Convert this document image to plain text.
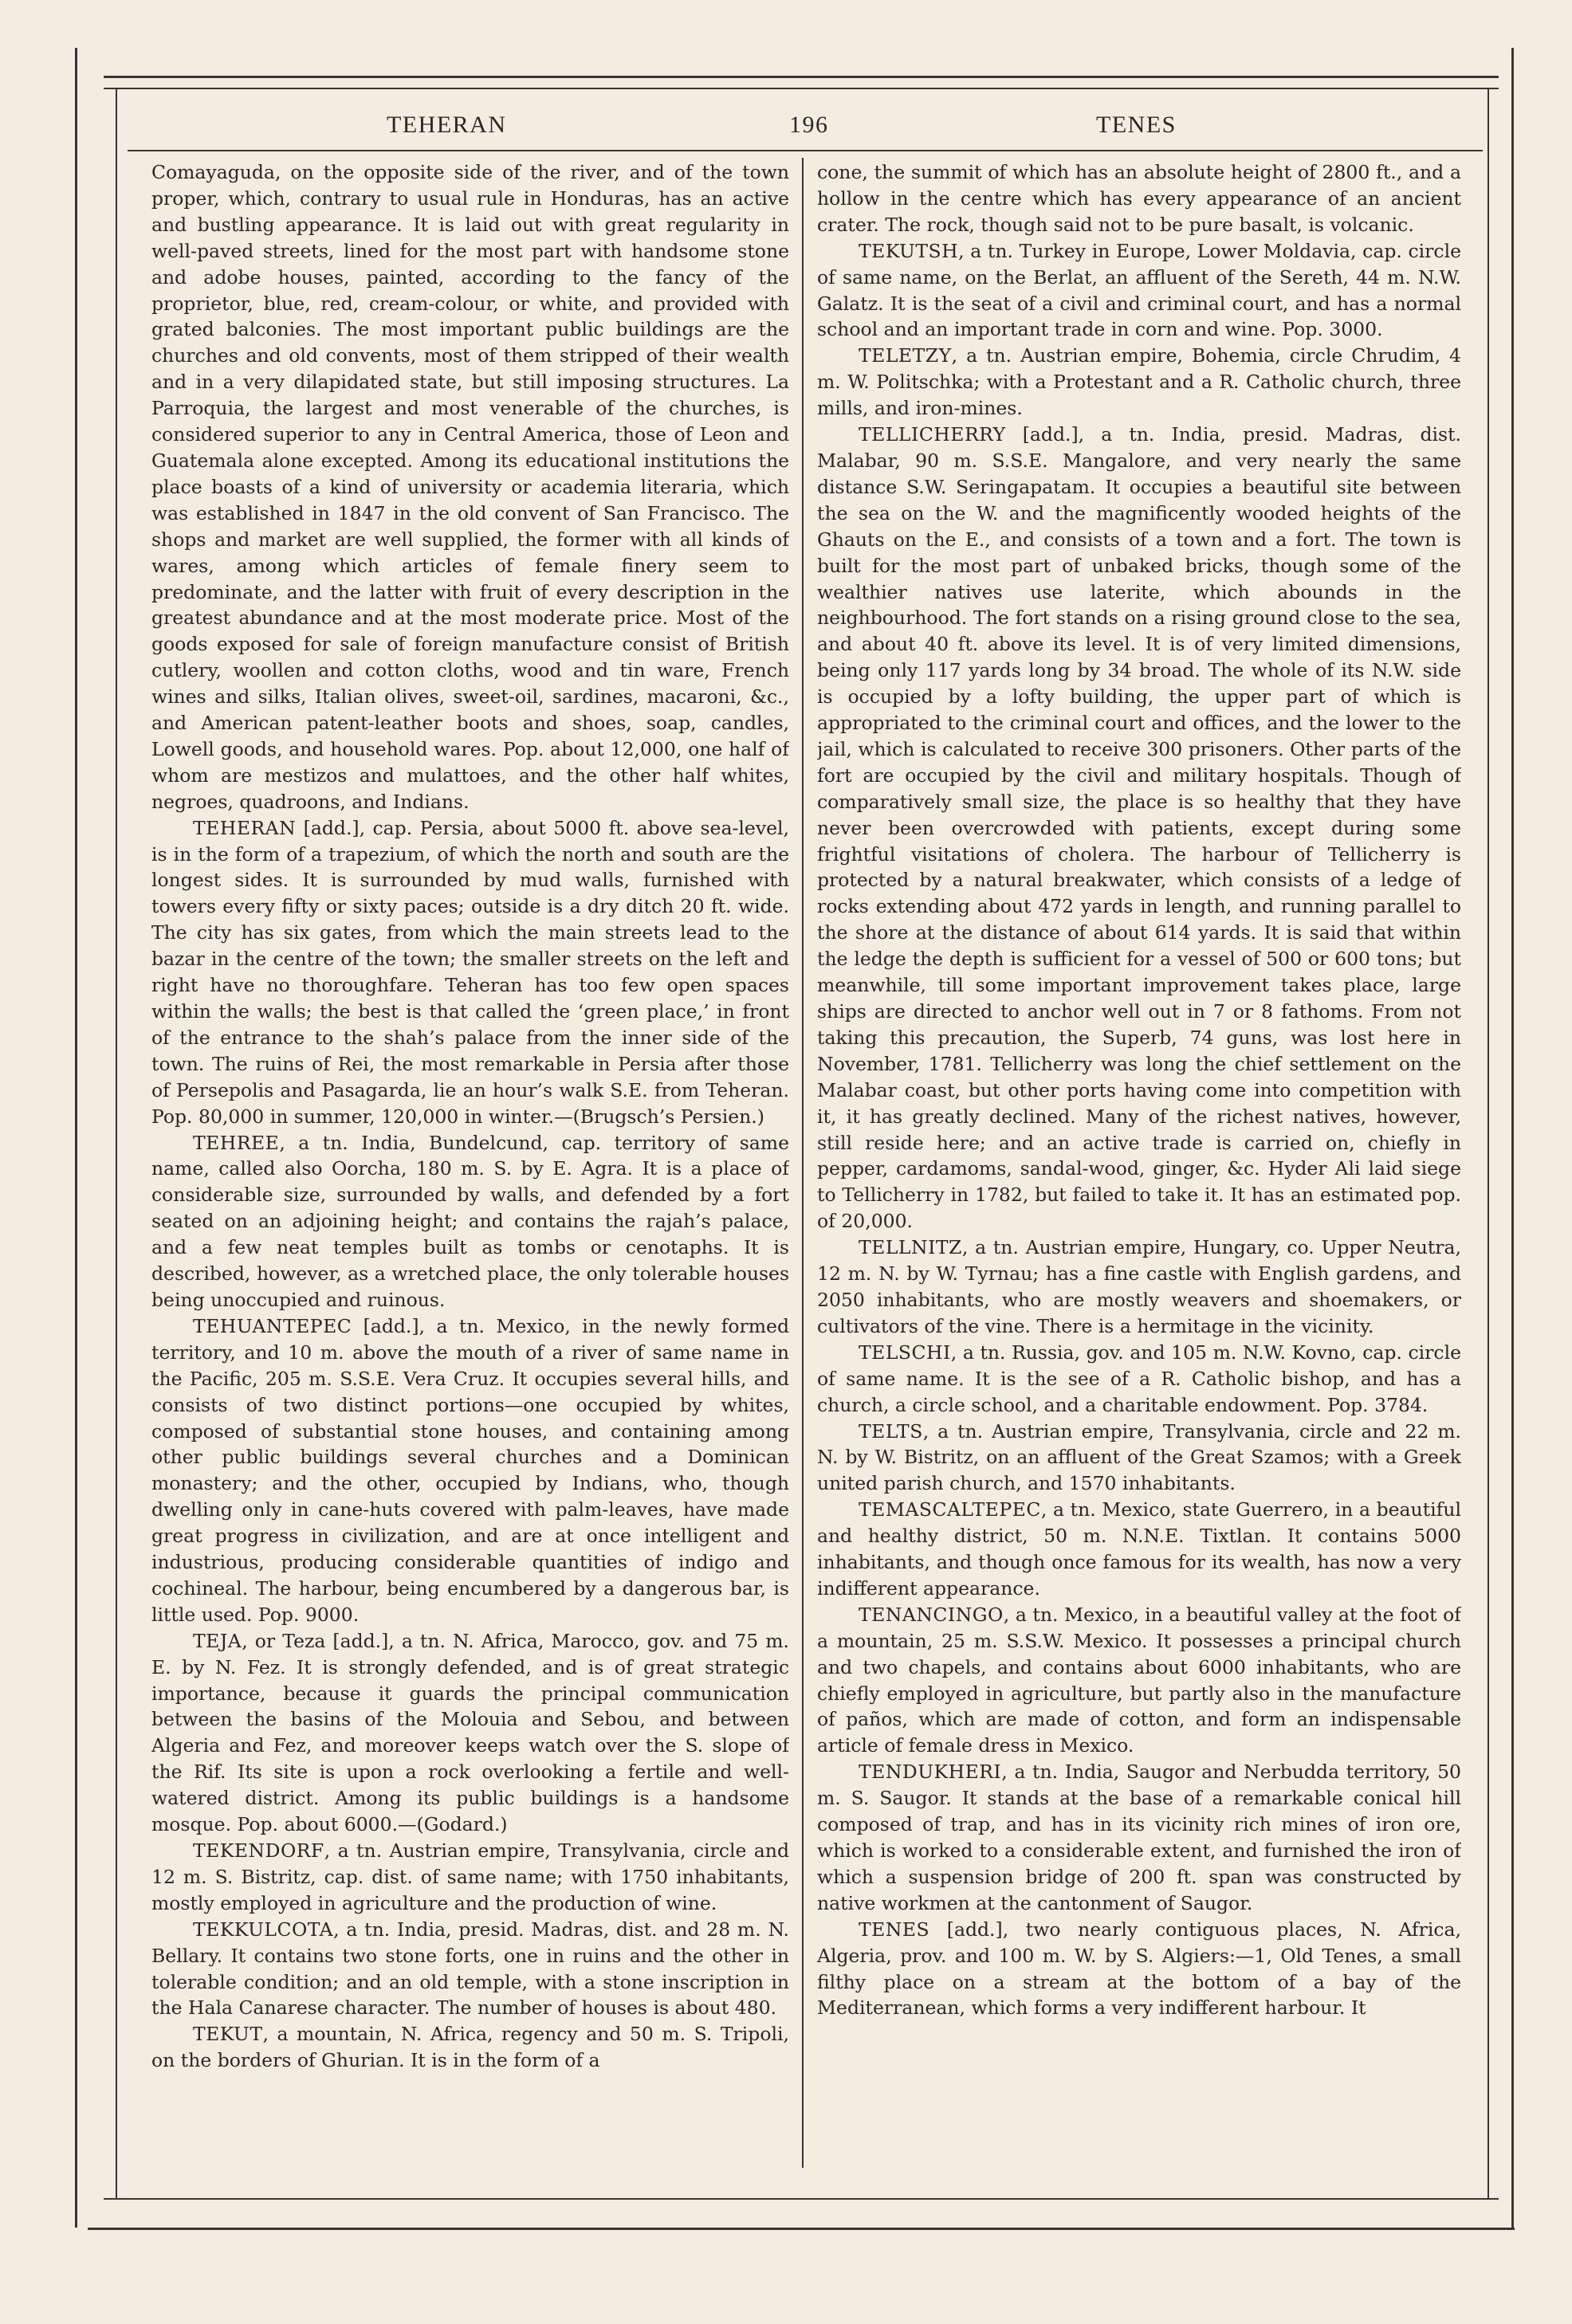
TEHERAN	196	TENES

Comayaguda, on the opposite side of the river, and of the town proper, which, contrary to usual rule in Honduras, has an active and bustling appearance. It is laid out with great regularity in well-paved streets, lined for the most part with handsome stone and adobe houses, painted, according to the fancy of the proprietor, blue, red, cream-colour, or white, and provided with grated balconies. The most important public buildings are the churches and old convents, most of them stripped of their wealth and in a very dilapidated state, but still imposing structures. La Parroquia, the largest and most venerable of the churches, is considered superior to any in Central America, those of Leon and Guatemala alone excepted. Among its educational institutions the place boasts of a kind of university or academia literaria, which was established in 1847 in the old convent of San Francisco. The shops and market are well supplied, the former with all kinds of wares, among which articles of female finery seem to predominate, and the latter with fruit of every description in the greatest abundance and at the most moderate price. Most of the goods exposed for sale of foreign manufacture consist of British cutlery, woollen and cotton cloths, wood and tin ware, French wines and silks, Italian olives, sweet-oil, sardines, macaroni, &c., and American patent-leather boots and shoes, soap, candles, Lowell goods, and household wares. Pop. about 12,000, one half of whom are mestizos and mulattoes, and the other half whites, negroes, quadroons, and Indians.

TEHERAN [add.], cap. Persia, about 5000 ft. above sea-level, is in the form of a trapezium, of which the north and south are the longest sides. It is surrounded by mud walls, furnished with towers every fifty or sixty paces; outside is a dry ditch 20 ft. wide. The city has six gates, from which the main streets lead to the bazar in the centre of the town; the smaller streets on the left and right have no thoroughfare. Teheran has too few open spaces within the walls; the best is that called the ‘green place,’ in front of the entrance to the shah’s palace from the inner side of the town. The ruins of Rei, the most remarkable in Persia after those of Persepolis and Pasagarda, lie an hour’s walk S.E. from Teheran. Pop. 80,000 in summer, 120,000 in winter.—(Brugsch’s Persien.)

TEHREE, a tn. India, Bundelcund, cap. territory of same name, called also Oorcha, 180 m. S. by E. Agra. It is a place of considerable size, surrounded by walls, and defended by a fort seated on an adjoining height; and contains the rajah’s palace, and a few neat temples built as tombs or cenotaphs. It is described, however, as a wretched place, the only tolerable houses being unoccupied and ruinous.

TEHUANTEPEC [add.], a tn. Mexico, in the newly formed territory, and 10 m. above the mouth of a river of same name in the Pacific, 205 m. S.S.E. Vera Cruz. It occupies several hills, and consists of two distinct portions—one occupied by whites, composed of substantial stone houses, and containing among other public buildings several churches and a Dominican monastery; and the other, occupied by Indians, who, though dwelling only in cane-huts covered with palm-leaves, have made great progress in civilization, and are at once intelligent and industrious, producing considerable quantities of indigo and cochineal. The harbour, being encumbered by a dangerous bar, is little used. Pop. 9000.

TEJA, or Teza [add.], a tn. N. Africa, Marocco, gov. and 75 m. E. by N. Fez. It is strongly defended, and is of great strategic importance, because it guards the principal communication between the basins of the Molouia and Sebou, and between Algeria and Fez, and moreover keeps watch over the S. slope of the Rif. Its site is upon a rock overlooking a fertile and well-watered district. Among its public buildings is a handsome mosque. Pop. about 6000.—(Godard.)

TEKENDORF, a tn. Austrian empire, Transylvania, circle and 12 m. S. Bistritz, cap. dist. of same name; with 1750 inhabitants, mostly employed in agriculture and the production of wine.

TEKKULCOTA, a tn. India, presid. Madras, dist. and 28 m. N. Bellary. It contains two stone forts, one in ruins and the other in tolerable condition; and an old temple, with a stone inscription in the Hala Canarese character. The number of houses is about 480.

TEKUT, a mountain, N. Africa, regency and 50 m. S. Tripoli, on the borders of Ghurian. It is in the form of a

cone, the summit of which has an absolute height of 2800 ft., and a hollow in the centre which has every appearance of an ancient crater. The rock, though said not to be pure basalt, is volcanic.

TEKUTSH, a tn. Turkey in Europe, Lower Moldavia, cap. circle of same name, on the Berlat, an affluent of the Sereth, 44 m. N.W. Galatz. It is the seat of a civil and criminal court, and has a normal school and an important trade in corn and wine. Pop. 3000.

TELETZY, a tn. Austrian empire, Bohemia, circle Chrudim, 4 m. W. Politschka; with a Protestant and a R. Catholic church, three mills, and iron-mines.

TELLICHERRY [add.], a tn. India, presid. Madras, dist. Malabar, 90 m. S.S.E. Mangalore, and very nearly the same distance S.W. Seringapatam. It occupies a beautiful site between the sea on the W. and the magnificently wooded heights of the Ghauts on the E., and consists of a town and a fort. The town is built for the most part of unbaked bricks, though some of the wealthier natives use laterite, which abounds in the neighbourhood. The fort stands on a rising ground close to the sea, and about 40 ft. above its level. It is of very limited dimensions, being only 117 yards long by 34 broad. The whole of its N.W. side is occupied by a lofty building, the upper part of which is appropriated to the criminal court and offices, and the lower to the jail, which is calculated to receive 300 prisoners. Other parts of the fort are occupied by the civil and military hospitals. Though of comparatively small size, the place is so healthy that they have never been overcrowded with patients, except during some frightful visitations of cholera. The harbour of Tellicherry is protected by a natural breakwater, which consists of a ledge of rocks extending about 472 yards in length, and running parallel to the shore at the distance of about 614 yards. It is said that within the ledge the depth is sufficient for a vessel of 500 or 600 tons; but meanwhile, till some important improvement takes place, large ships are directed to anchor well out in 7 or 8 fathoms. From not taking this precaution, the Superb, 74 guns, was lost here in November, 1781. Tellicherry was long the chief settlement on the Malabar coast, but other ports having come into competition with it, it has greatly declined. Many of the richest natives, however, still reside here; and an active trade is carried on, chiefly in pepper, cardamoms, sandal-wood, ginger, &c. Hyder Ali laid siege to Tellicherry in 1782, but failed to take it. It has an estimated pop. of 20,000.

TELLNITZ, a tn. Austrian empire, Hungary, co. Upper Neutra, 12 m. N. by W. Tyrnau; has a fine castle with English gardens, and 2050 inhabitants, who are mostly weavers and shoemakers, or cultivators of the vine. There is a hermitage in the vicinity.

TELSCHI, a tn. Russia, gov. and 105 m. N.W. Kovno, cap. circle of same name. It is the see of a R. Catholic bishop, and has a church, a circle school, and a charitable endowment. Pop. 3784.

TELTS, a tn. Austrian empire, Transylvania, circle and 22 m. N. by W. Bistritz, on an affluent of the Great Szamos; with a Greek united parish church, and 1570 inhabitants.

TEMASCALTEPEC, a tn. Mexico, state Guerrero, in a beautiful and healthy district, 50 m. N.N.E. Tixtlan. It contains 5000 inhabitants, and though once famous for its wealth, has now a very indifferent appearance.

TENANCINGO, a tn. Mexico, in a beautiful valley at the foot of a mountain, 25 m. S.S.W. Mexico. It possesses a principal church and two chapels, and contains about 6000 inhabitants, who are chiefly employed in agriculture, but partly also in the manufacture of paños, which are made of cotton, and form an indispensable article of female dress in Mexico.

TENDUKHERI, a tn. India, Saugor and Nerbudda territory, 50 m. S. Saugor. It stands at the base of a remarkable conical hill composed of trap, and has in its vicinity rich mines of iron ore, which is worked to a considerable extent, and furnished the iron of which a suspension bridge of 200 ft. span was constructed by native workmen at the cantonment of Saugor.

TENES [add.], two nearly contiguous places, N. Africa, Algeria, prov. and 100 m. W. by S. Algiers:—1, Old Tenes, a small filthy place on a stream at the bottom of a bay of the Mediterranean, which forms a very indifferent harbour. It
